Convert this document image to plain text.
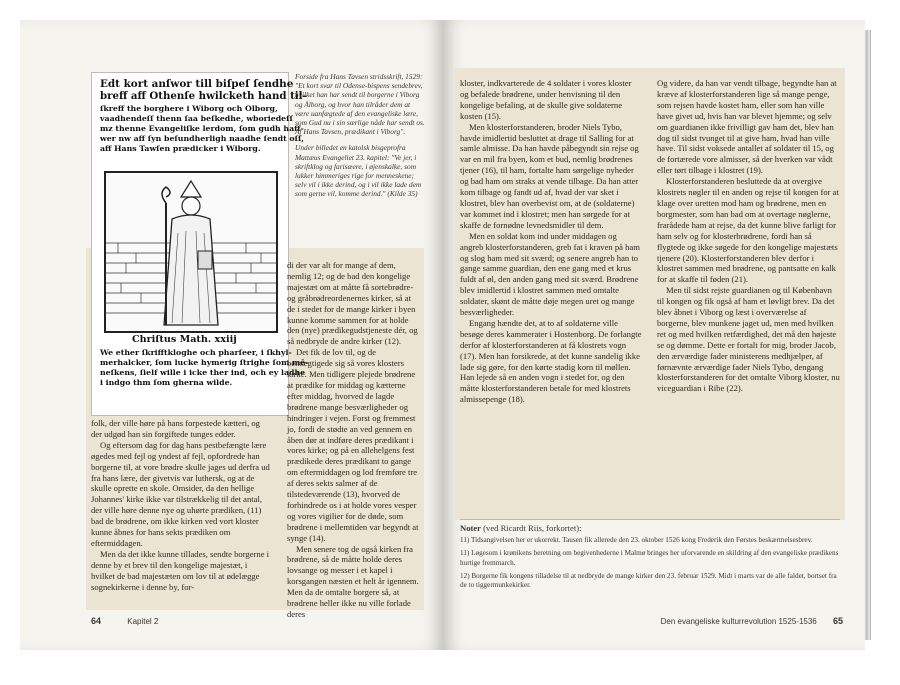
Edt kort anſwor till biſpeſ ſendhe
breff aff Othenſe hwilcketh hand til-
ſkreff the borghere i Wiborg och Olborg,
vaadhendeſſ thenn ſaa beſkedhe, wboriedeſſ
mz thenne Evangeliſke lerdom, ſom gudh haff-
wer nw aff ſyn beſundherligh naadhe ſendt oſſ,
aff Hans Tawſen prædicker i Wiborg.
Chriſtus Math. xxiij
We ether ſkrifftkloghe och pharſeer, i ſkhyl-
merhalcker, ſom lucke hymerig ſtrighe ſom mē-
neſkens, ſielf wille i icke ther ind, och ey ladhe
i indgo thm ſom gherna wilde.

Forside fra Hans Tavsen stridsskrift, 1529: "Et kort svar til Odense-bispens sendebrev, hvilket han har sendt til borgerne i Viborg og Ålborg, og hvor han tilråder dem at være uanfægtede af den evangeliske lære, som Gud nu i sin særlige nåde har sendt os. Af Hans Tavsen, prædikant i Viborg".

Under billedet en katolsk bisgeprofra Mattæus Evangeliet 23. kapitel: "Ve jer, i skriftklog og farisæere, i øjenskalke, som lukker himmeriges rige for menneskene; selv vil i ikke derind, og i vil ikke lade dem som gerne vil, komme derind." (Kilde 35)

folk, der ville høre på hans forpestede kætteri, og der udgød han sin forgiftede tunges edder.

Og eftersom dag for dag hans pestbefængte lære øgedes med fejl og yndest af fejl, opfordrede han borgerne til, at vore brødre skulle jages ud derfra ud fra hans lære, der givetvis var luthersk, og at de skulle oprette en skole. Omsider, da den hellige Johannes' kirke ikke var tilstrækkelig til det antal, der ville høre denne nye og uhørte prædiken, (11) bad de brødrene, om ikke kirken ved vort kloster kunne åbnes for hans sekts prædiken om eftermiddagen.

Men da det ikke kunne tillades, sendte borgerne i denne by et brev til den kongelige majestæt, i hvilket de bad majestæten om lov til at ødelægge sognekirkerne i denne by, for-

di der var alt for mange af dem, nemlig 12; og de bad den kongelige majestæt om at måtte få sortebrødre- og gråbrødreordenernes kirker, så at de i stedet for de mange kirker i byen kunne komme sammen for at holde den (nye) prædikegudstjeneste dér, og så nedbryde de andre kirker (12).

Det fik de lov til, og de bemægtigede sig så vores klosters kirke. Men tidligere plejede brødrene at prædike for middag og kætterne efter middag, hvorved de lagde brødrene mange besværligheder og hindringer i vejen. Forst og fremmest jo, fordi de stødte an ved gennem en åben dør at indføre deres prædikant i vores kirke; og på en allehelgens fest prædikede deres prædikant to gange om eftermiddagen og lod fremføre tre af deres sekts salmer af de tilstedeværende (13), hvorved de forhindrede os i at holde vores vesper og vores vigilier for de døde, som brødrene i mellemtiden var begyndt at synge (14).

Men senere tog de også kirken fra brødrene, så de måtte holde deres lovsange og messer i et kapel i korsgangen næsten et helt år igennem. Men da de omtalte borgere så, at brødrene heller ikke nu ville forlade deres

64	Kapitel 2

kloster, indkvarterede de 4 soldater i vores kloster og befalede brødrene, under henvisning til den kongelige befaling, at de skulle give soldaterne kosten (15).

Men klosterforstanderen, broder Niels Tybo, havde imidlertid besluttet at drage til Salling for at samle almisse. Da han havde påbegyndt sin rejse og var en mil fra byen, kom et bud, nemlig brødrenes tjener (16), til ham, fortalte ham sørgelige nyheder og bad ham om straks at vende tilbage. Da han atter kom tilbage og fandt ud af, hvad der var sket i klostret, blev han overbevist om, at de (soldaterne) var kommet ind i klostret; men han sørgede for at skaffe de fornødne levnedsmidler til dem.

Men en soldat kom ind under middagen og angreb klosterforstanderen, greb fat i kraven på ham og slog ham med sit sværd; og senere angreb han to gange samme guardian, den ene gang med et krus fuldt af øl, den anden gang med sit sværd. Brødrene blev imidlertid i klostret sammen med omtalte soldater, skønt de måtte døje megen uret og mange besværligheder.

Engang hændte det, at to af soldaterne ville besøge deres kammerater i Hostenborg. De forlangte derfor af klosterforstanderen at få klostrets vogn (17). Men han forsikrede, at det kunne sandelig ikke lade sig gøre, for den kørte stadig korn til møllen. Han lejede så en anden vogn i stedet for, og den måtte klosterforstanderen betale for med klostrets almissepenge (18).

Og videre, da han var vendt tilbage, begyndte han at kræve af klosterforstanderen lige så mange penge, som rejsen havde kostet ham, eller som han ville have givet ud, hvis han var blevet hjemme; og selv om guardianen ikke frivilligt gav ham det, blev han dog til sidst tvunget til at give ham, hvad han ville have. Til sidst voksede antallet af soldater til 15, og de fortærede vore almisser, så der hverken var vådt eller tørt tilbage i klostret (19).

Klosterforstanderen besluttede da at overgive klostrets nøgler til en anden og rejse til kongen for at klage over uretten mod ham og brødrene, men en borgmester, som han bad om at overtage nøglerne, frarådede ham at rejse, da det kunne blive farligt for ham selv og for klosterbrødrene, fordi han så flygtede og ikke søgede for den kongelige majestæts tjenere (20). Klosterforstanderen blev derfor i klostret sammen med brødrene, og pantsatte en kalk for at skaffe til føden (21).

Men til sidst rejste guardianen og til København til kongen og fik også af ham et løvligt brev. Da det blev åbnet i Viborg og læst i overværelse af borgerne, blev munkene jaget ud, men med hvilken ret og med hvilken retfærdighed, det må den højeste se og dømme. Dette er fortalt for mig, broder Jacob, den ærværdige fader ministerens medhjælper, af førnævnte ærværdige fader Niels Tybo, dengang klosterforstanderen for det omtalte Viborg kloster, nu viceguardian i Ribe (22).

Noter (ved Ricardt Riis, forkortet):

11) Tidsangivelsen her er ukorrekt. Tausen fik allerede den 23. oktober 1526 kong Frederik den Førstes beskærmelsesbrev.

11) Løgesom i krønikens beretning om begivenhederne i Malmø bringes her uforvarende en skildring af den evangeliske prædikens hurtige fremmarch.

12) Borgerne fik kongens tilladelse til at nedbryde de mange kirker den 23. februar 1529. Midt i marts var de alle faldet, bortset fra de to tiggermunkekirker.

Den evangeliske kulturrevolution 1525-1536 65
